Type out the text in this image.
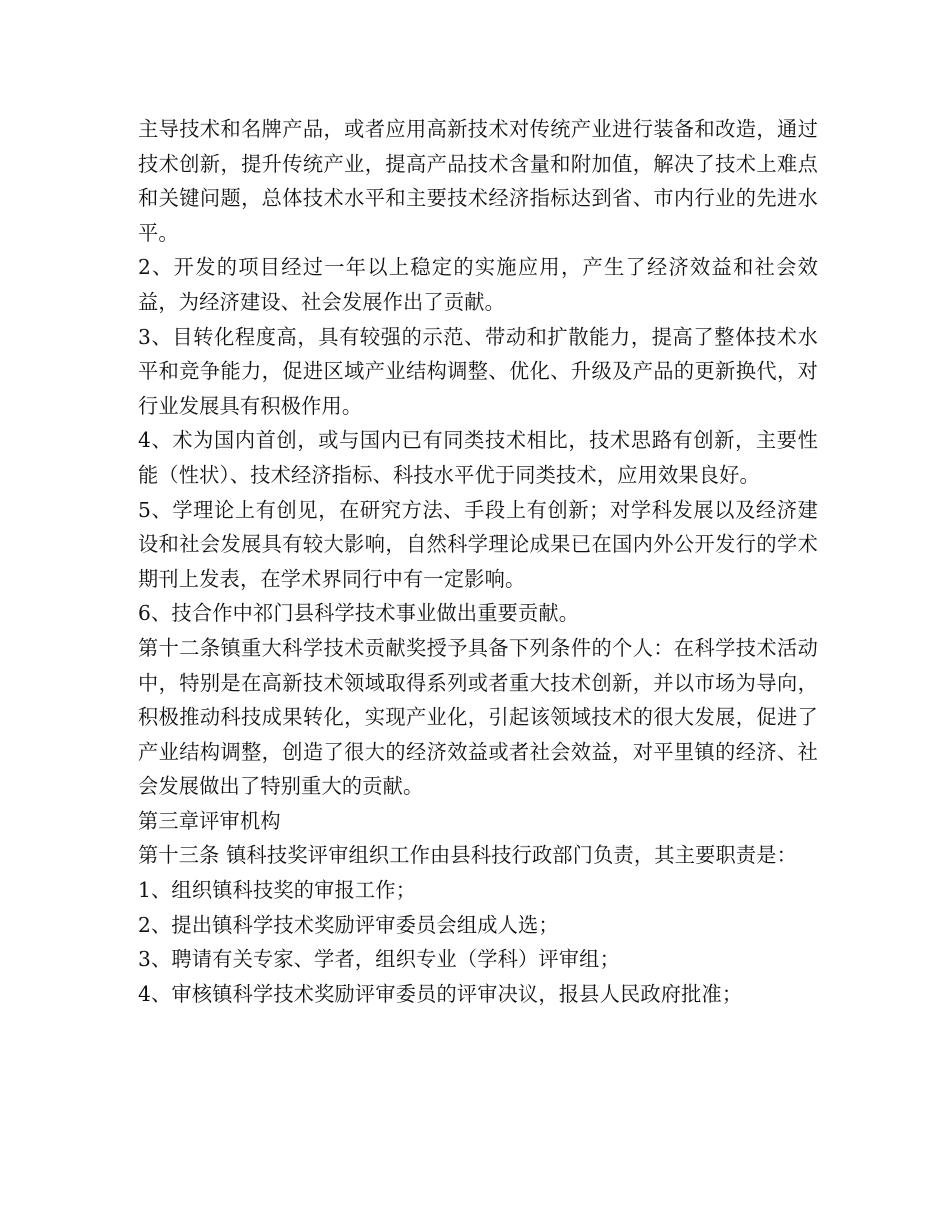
主导技术和名牌产品，或者应用高新技术对传统产业进行装备和改造，通过技术创新，提升传统产业，提高产品技术含量和附加值，解决了技术上难点和关键问题，总体技术水平和主要技术经济指标达到省、市内行业的先进水平。

2、开发的项目经过一年以上稳定的实施应用，产生了经济效益和社会效益，为经济建设、社会发展作出了贡献。

3、目转化程度高，具有较强的示范、带动和扩散能力，提高了整体技术水平和竞争能力，促进区域产业结构调整、优化、升级及产品的更新换代，对行业发展具有积极作用。

4、术为国内首创，或与国内已有同类技术相比，技术思路有创新，主要性能（性状）、技术经济指标、科技水平优于同类技术，应用效果良好。

5、学理论上有创见，在研究方法、手段上有创新；对学科发展以及经济建设和社会发展具有较大影响，自然科学理论成果已在国内外公开发行的学术期刊上发表，在学术界同行中有一定影响。

6、技合作中祁门县科学技术事业做出重要贡献。

第十二条镇重大科学技术贡献奖授予具备下列条件的个人：在科学技术活动中，特别是在高新技术领域取得系列或者重大技术创新，并以市场为导向，积极推动科技成果转化，实现产业化，引起该领域技术的很大发展，促进了产业结构调整，创造了很大的经济效益或者社会效益，对平里镇的经济、社会发展做出了特别重大的贡献。

第三章评审机构

第十三条 镇科技奖评审组织工作由县科技行政部门负责，其主要职责是：

1、组织镇科技奖的审报工作；

2、提出镇科学技术奖励评审委员会组成人选；

3、聘请有关专家、学者，组织专业（学科）评审组；

4、审核镇科学技术奖励评审委员的评审决议，报县人民政府批准；
